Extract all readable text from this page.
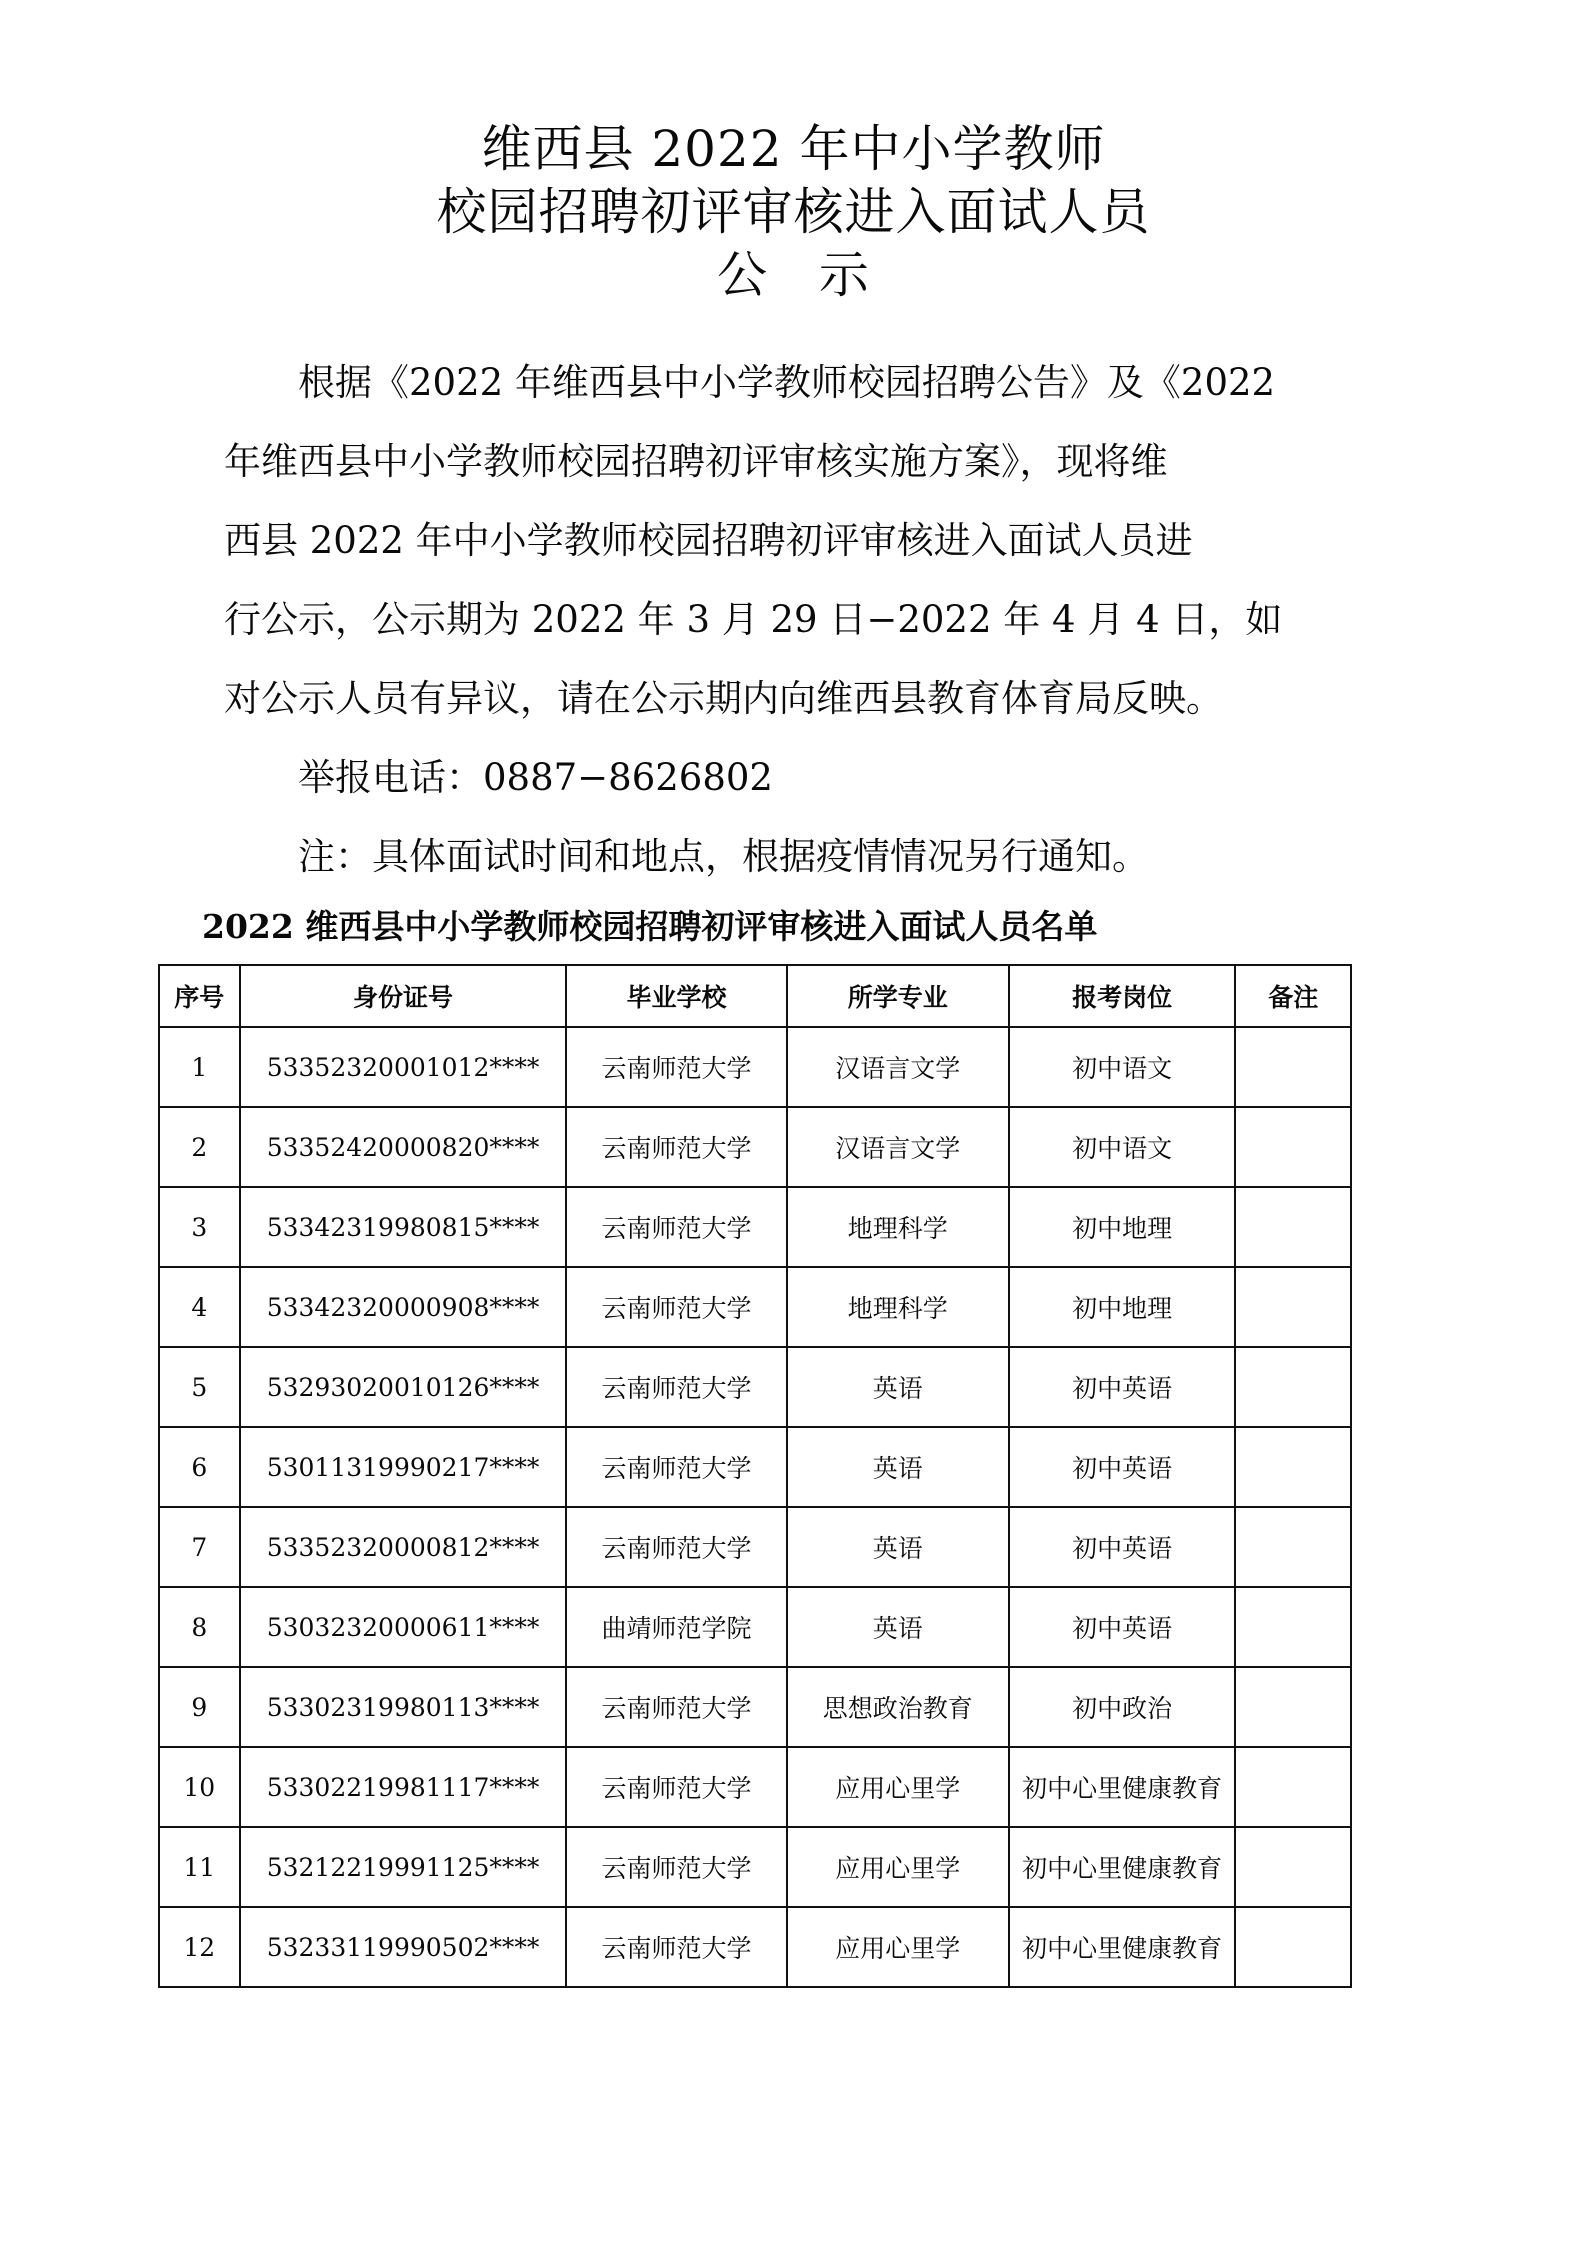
维西县 2022 年中小学教师
校园招聘初评审核进入面试人员
公   示
根据《2022 年维西县中小学教师校园招聘公告》及《2022
年维西县中小学教师校园招聘初评审核实施方案》，现将维
西县 2022 年中小学教师校园招聘初评审核进入面试人员进
行公示，公示期为 2022 年 3 月 29 日−2022 年 4 月 4 日，如
对公示人员有异议，请在公示期内向维西县教育体育局反映。
举报电话：0887−8626802
注：具体面试时间和地点，根据疫情情况另行通知。
2022 维西县中小学教师校园招聘初评审核进入面试人员名单
序号	身份证号	毕业学校	所学专业	报考岗位	备注
1	53352320001012****	云南师范大学	汉语言文学	初中语文	
2	53352420000820****	云南师范大学	汉语言文学	初中语文	
3	53342319980815****	云南师范大学	地理科学	初中地理	
4	53342320000908****	云南师范大学	地理科学	初中地理	
5	53293020010126****	云南师范大学	英语	初中英语	
6	53011319990217****	云南师范大学	英语	初中英语	
7	53352320000812****	云南师范大学	英语	初中英语	
8	53032320000611****	曲靖师范学院	英语	初中英语	
9	53302319980113****	云南师范大学	思想政治教育	初中政治	
10	53302219981117****	云南师范大学	应用心里学	初中心里健康教育	
11	53212219991125****	云南师范大学	应用心里学	初中心里健康教育	
12	53233119990502****	云南师范大学	应用心里学	初中心里健康教育	
